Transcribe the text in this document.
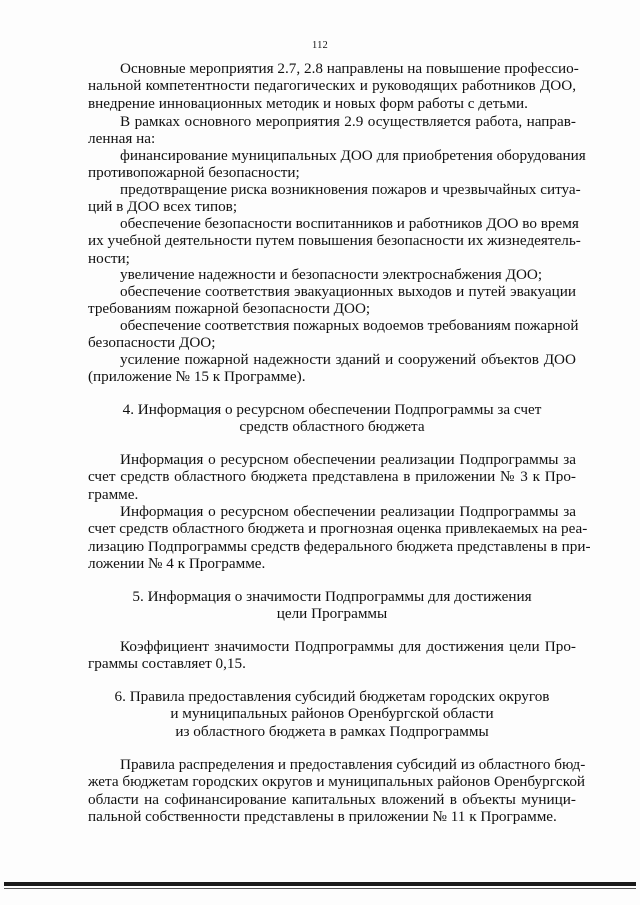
112
Основные мероприятия 2.7, 2.8 направлены на повышение профессио-
нальной компетентности педагогических и руководящих работников ДОО,
внедрение инновационных методик и новых форм работы с детьми.
В рамках основного мероприятия 2.9 осуществляется работа, направ-
ленная на:
финансирование муниципальных ДОО для приобретения оборудования
противопожарной безопасности;
предотвращение риска возникновения пожаров и чрезвычайных ситуа-
ций в ДОО всех типов;
обеспечение безопасности воспитанников и работников ДОО во время
их учебной деятельности путем повышения безопасности их жизнедеятель-
ности;
увеличение надежности и безопасности электроснабжения ДОО;
обеспечение соответствия эвакуационных выходов и путей эвакуации
требованиям пожарной безопасности ДОО;
обеспечение соответствия пожарных водоемов требованиям пожарной
безопасности ДОО;
усиление пожарной надежности зданий и сооружений объектов ДОО
(приложение № 15 к Программе).
4. Информация о ресурсном обеспечении Подпрограммы за счет
средств областного бюджета
Информация о ресурсном обеспечении реализации Подпрограммы за
счет средств областного бюджета представлена в приложении № 3 к Про-
грамме.
Информация о ресурсном обеспечении реализации Подпрограммы за
счет средств областного бюджета и прогнозная оценка привлекаемых на реа-
лизацию Подпрограммы средств федерального бюджета представлены в при-
ложении № 4 к Программе.
5. Информация о значимости Подпрограммы для достижения
цели Программы
Коэффициент значимости Подпрограммы для достижения цели Про-
граммы составляет 0,15.
6. Правила предоставления субсидий бюджетам городских округов
и муниципальных районов Оренбургской области
из областного бюджета в рамках Подпрограммы
Правила распределения и предоставления субсидий из областного бюд-
жета бюджетам городских округов и муниципальных районов Оренбургской
области на софинансирование капитальных вложений в объекты муници-
пальной собственности представлены в приложении № 11 к Программе.
